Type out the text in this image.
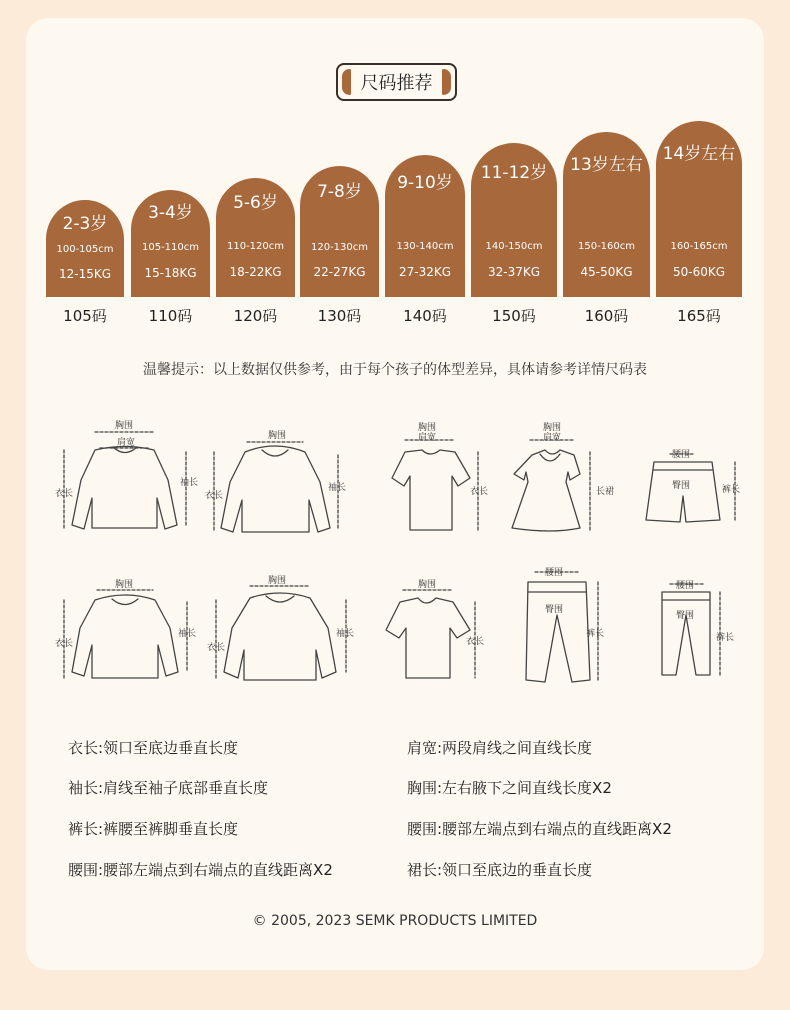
尺码推荐
2-3岁
100-105cm
12-15KG
3-4岁
105-110cm
15-18KG
5-6岁
110-120cm
18-22KG
7-8岁
120-130cm
22-27KG
9-10岁
130-140cm
27-32KG
11-12岁
140-150cm
32-37KG
13岁左右
150-160cm
45-50KG
14岁左右
160-165cm
50-60KG
105码	110码	120码	130码	140码	150码	160码	165码
温馨提示：以上数据仅供参考，由于每个孩子的体型差异，具体请参考详情尺码表
胸围
肩宽
衣长
袖长
胸围
衣长
袖长
胸围
肩宽
衣长
胸围
肩宽
长裙
腰围
臀围	裤长
胸围
衣长
袖长
胸围
衣长
袖长
胸围
衣长
腰围
臀围
裤长
腰围
臀围
裤长
衣长:领口至底边垂直长度	肩宽:两段肩线之间直线长度
袖长:肩线至袖子底部垂直长度	胸围:左右腋下之间直线长度X2
裤长:裤腰至裤脚垂直长度	腰围:腰部左端点到右端点的直线距离X2
腰围:腰部左端点到右端点的直线距离X2	裙长:领口至底边的垂直长度
© 2005, 2023 SEMK PRODUCTS LIMITED
